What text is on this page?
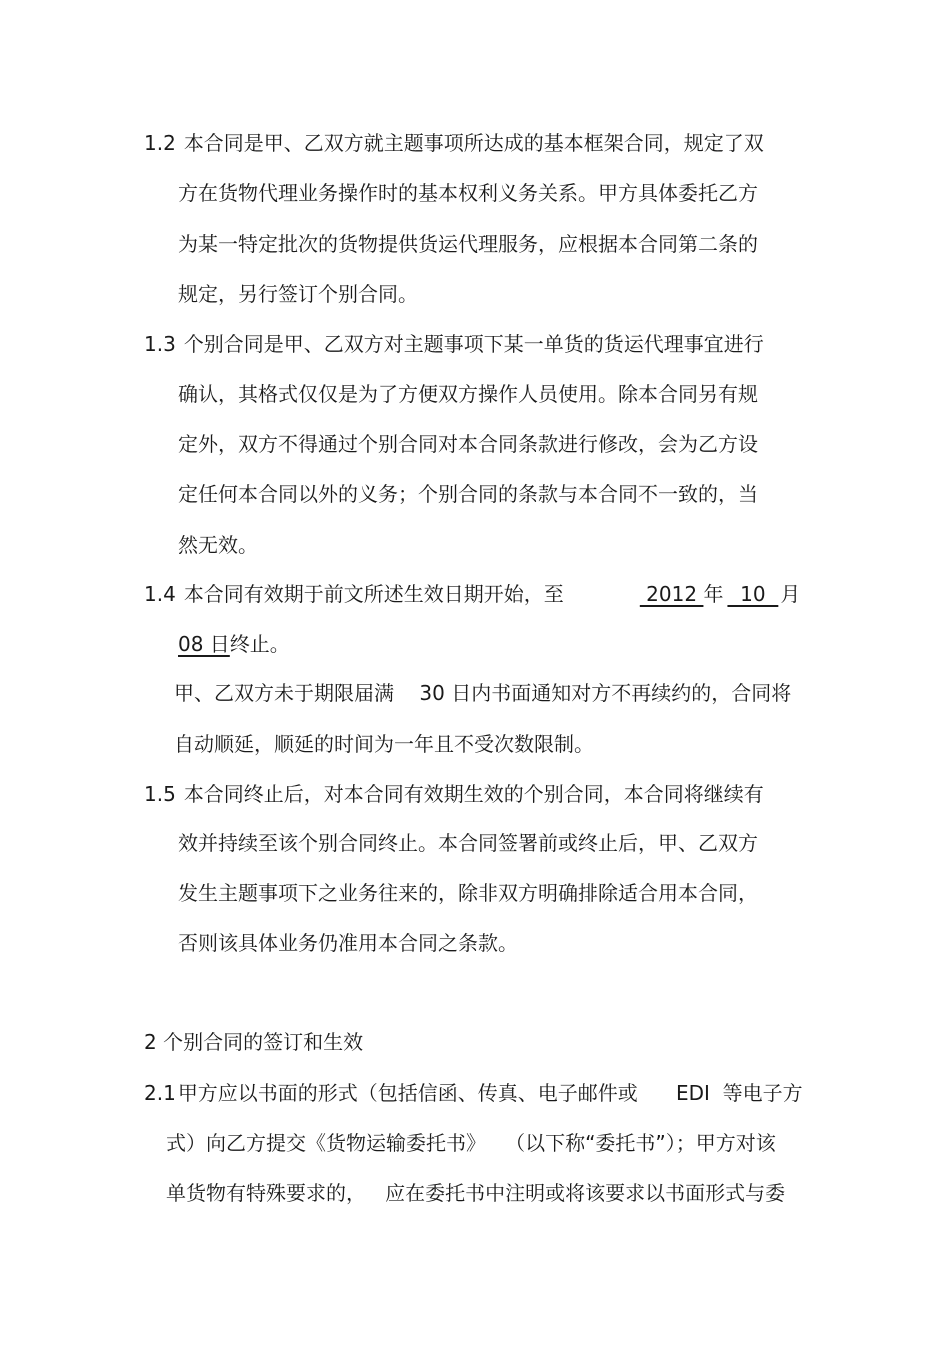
1.2 本合同是甲、乙双方就主题事项所达成的基本框架合同，规定了双
方在货物代理业务操作时的基本权利义务关系。甲方具体委托乙方
为某一特定批次的货物提供货运代理服务，应根据本合同第二条的
规定，另行签订个别合同。
1.3 个别合同是甲、乙双方对主题事项下某一单货的货运代理事宜进行
确认，其格式仅仅是为了方便双方操作人员使用。除本合同另有规
定外，双方不得通过个别合同对本合同条款进行修改，会为乙方设
定任何本合同以外的义务；个别合同的条款与本合同不一致的，当
然无效。
1.4 本合同有效期于前文所述生效日期开始，至	2012 年  10  月
08 日终止。
甲、乙双方未于期限届满    30 日内书面通知对方不再续约的，合同将
自动顺延，顺延的时间为一年且不受次数限制。
1.5 本合同终止后，对本合同有效期生效的个别合同，本合同将继续有
效并持续至该个别合同终止。本合同签署前或终止后，甲、乙双方
发生主题事项下之业务往来的，除非双方明确排除适合用本合同，
否则该具体业务仍准用本合同之条款。
2 个别合同的签订和生效
2.1 甲方应以书面的形式（包括信函、传真、电子邮件或      EDI  等电子方
式）向乙方提交《货物运输委托书》   （以下称“委托书”）；甲方对该
单货物有特殊要求的，   应在委托书中注明或将该要求以书面形式与委
